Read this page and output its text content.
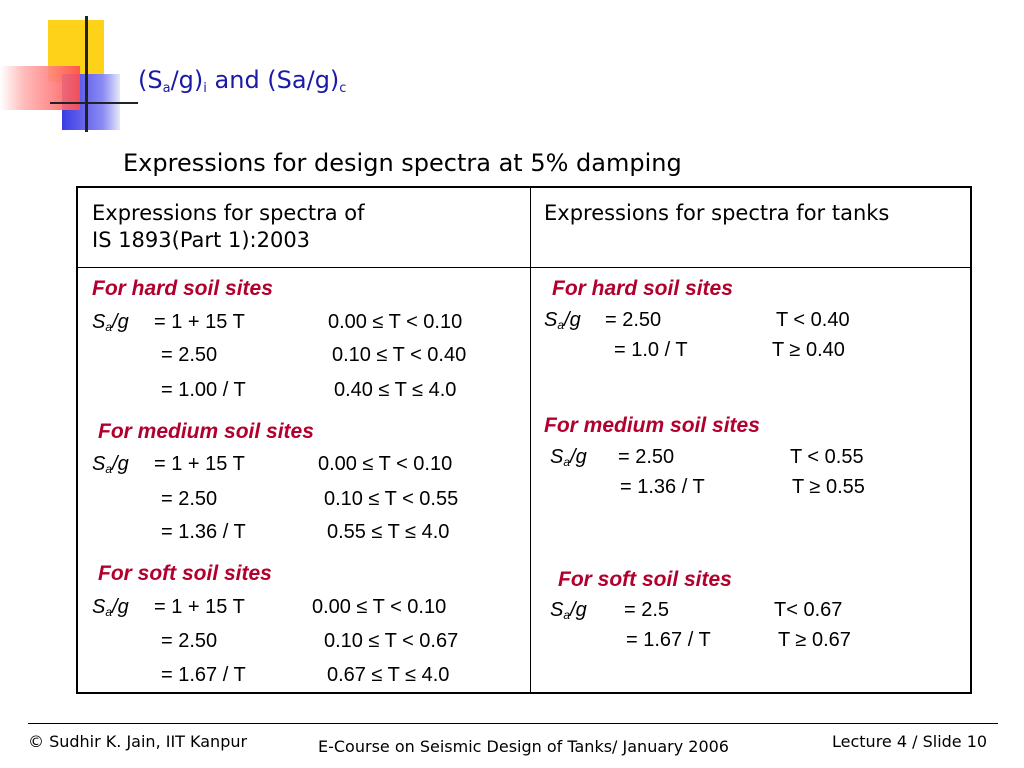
$(S_a/g)_i$ and $(Sa/g)_c$
Expressions for design spectra at 5% damping
Expressions for spectra of
IS 1893(Part 1):2003
Expressions for spectra for tanks
For hard soil sites
$S_a/g = 1 + 15$ T	0.00 ≤ T < 0.10
= 2.50	0.10 ≤ T < 0.40
= 1.00 / T	0.40 ≤ T ≤ 4.0
For medium soil sites
$S_a/g = 1 + 15$ T	0.00 ≤ T < 0.10
= 2.50	0.10 ≤ T < 0.55
= 1.36 / T	0.55 ≤ T ≤ 4.0
For soft soil sites
$S_a/g = 1 + 15$ T	0.00 ≤ T < 0.10
= 2.50	0.10 ≤ T < 0.67
= 1.67 / T	0.67 ≤ T ≤ 4.0
For hard soil sites
$S_a/g = 2.50$	T < 0.40
= 1.0 / T	T ≥ 0.40
For medium soil sites
$S_a/g = 2.50$	T < 0.55
= 1.36 / T	T ≥ 0.55
For soft soil sites
$S_a/g = 2.5$	T< 0.67
= 1.67 / T	T ≥ 0.67
© Sudhir K. Jain, IIT Kanpur	E-Course on Seismic Design of Tanks/ January 2006	Lecture 4 / Slide 10
